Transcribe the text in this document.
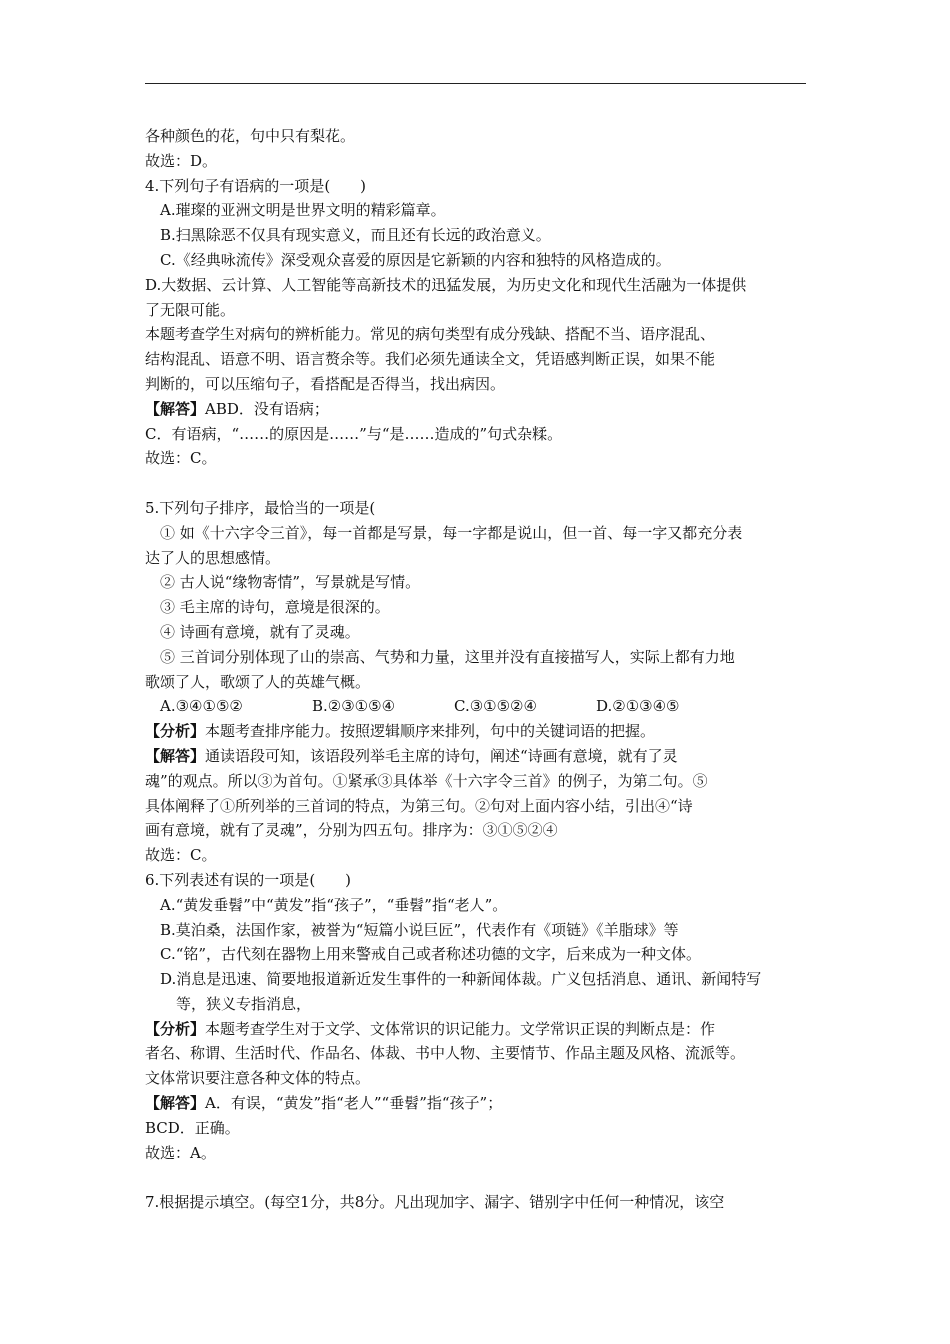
各种颜色的花，句中只有梨花。
故选：D。
4.下列句子有语病的一项是(　　)
A.璀璨的亚洲文明是世界文明的精彩篇章。
B.扫黑除恶不仅具有现实意义，而且还有长远的政治意义。
C.《经典咏流传》深受观众喜爱的原因是它新颖的内容和独特的风格造成的。
D.大数据、云计算、人工智能等高新技术的迅猛发展，为历史文化和现代生活融为一体提供
了无限可能。
本题考查学生对病句的辨析能力。常见的病句类型有成分残缺、搭配不当、语序混乱、
结构混乱、语意不明、语言赘余等。我们必须先通读全文，凭语感判断正误，如果不能
判断的，可以压缩句子，看搭配是否得当，找出病因。
【解答】ABD．没有语病；
C．有语病，“……的原因是……”与“是……造成的”句式杂糅。
故选：C。
5.下列句子排序，最恰当的一项是(
① 如《十六字令三首》，每一首都是写景，每一字都是说山，但一首、每一字又都充分表
达了人的思想感情。
② 古人说“缘物寄情”，写景就是写情。
③ 毛主席的诗句，意境是很深的。
④ 诗画有意境，就有了灵魂。
⑤ 三首词分别体现了山的崇高、气势和力量，这里并没有直接描写人，实际上都有力地
歌颂了人，歌颂了人的英雄气概。
A.③④①⑤②	B.②③①⑤④	C.③①⑤②④	D.②①③④⑤
【分析】本题考查排序能力。按照逻辑顺序来排列，句中的关键词语的把握。
【解答】通读语段可知，该语段列举毛主席的诗句，阐述“诗画有意境，就有了灵
魂”的观点。所以③为首句。①紧承③具体举《十六字令三首》的例子，为第二句。⑤
具体阐释了①所列举的三首词的特点，为第三句。②句对上面内容小结，引出④“诗
画有意境，就有了灵魂”，分别为四五句。排序为：③①⑤②④
故选：C。
6.下列表述有误的一项是(　　)
A.“黄发垂髫”中“黄发”指“孩子”，“垂髫”指“老人”。
B.莫泊桑，法国作家，被誉为“短篇小说巨匠”，代表作有《项链》《羊脂球》等
C.“铭”，古代刻在器物上用来警戒自己或者称述功德的文字，后来成为一种文体。
D.消息是迅速、简要地报道新近发生事件的一种新闻体裁。广义包括消息、通讯、新闻特写
等，狭义专指消息，
【分析】本题考查学生对于文学、文体常识的识记能力。文学常识正误的判断点是：作
者名、称谓、生活时代、作品名、体裁、书中人物、主要情节、作品主题及风格、流派等。
文体常识要注意各种文体的特点。
【解答】A．有误，“黄发”指“老人”“垂髫”指“孩子”；
BCD．正确。
故选：A。
7.根据提示填空。(每空1分，共8分。凡出现加字、漏字、错别字中任何一种情况，该空
